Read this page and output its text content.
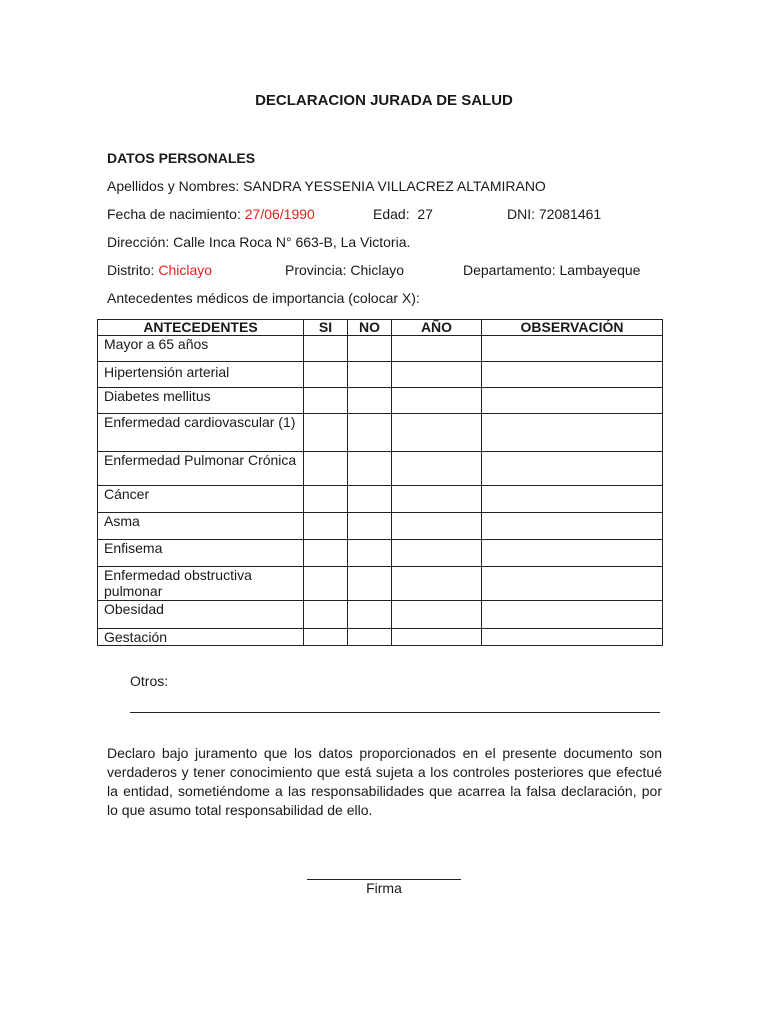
DECLARACION JURADA DE SALUD
DATOS PERSONALES
Apellidos y Nombres: SANDRA YESSENIA VILLACREZ ALTAMIRANO
Fecha de nacimiento: 27/06/1990	Edad: 27	DNI: 72081461
Dirección: Calle Inca Roca N° 663-B, La Victoria.
Distrito: Chiclayo	Provincia: Chiclayo	Departamento: Lambayeque
Antecedentes médicos de importancia (colocar X):
ANTECEDENTES	SI	NO	AÑO	OBSERVACIÓN
Mayor a 65 años				
Hipertensión arterial				
Diabetes mellitus				
Enfermedad cardiovascular (1)				
Enfermedad Pulmonar Crónica				
Cáncer				
Asma				
Enfisema				
Enfermedad obstructiva pulmonar				
Obesidad				
Gestación				
Otros:
Declaro bajo juramento que los datos proporcionados en el presente documento son verdaderos y tener conocimiento que está sujeta a los controles posteriores que efectué la entidad, sometiéndome a las responsabilidades que acarrea la falsa declaración, por lo que asumo total responsabilidad de ello.
Firma
